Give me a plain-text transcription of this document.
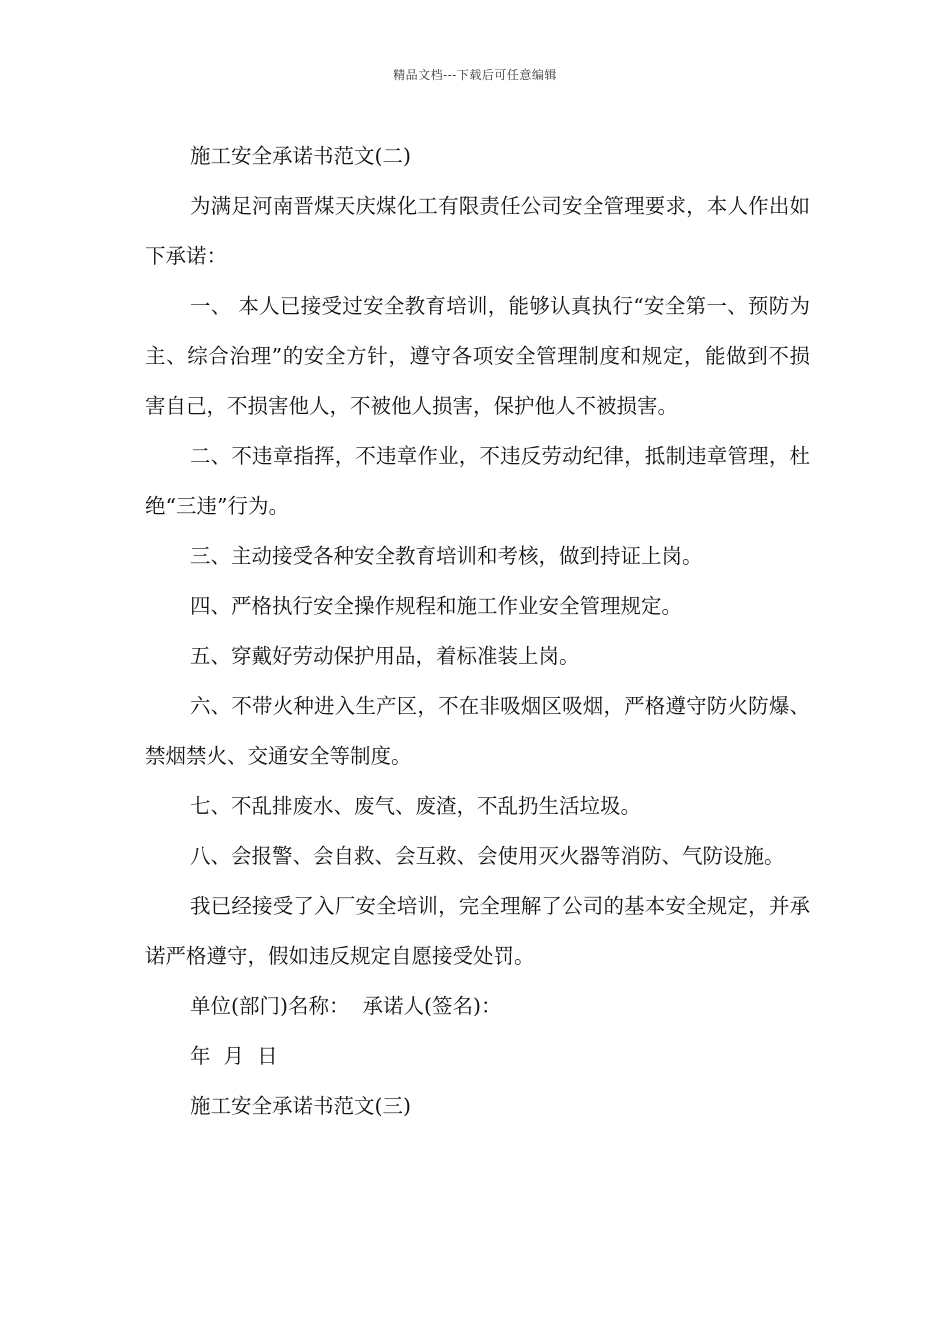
精品文档---下载后可任意编辑

施工安全承诺书范文(二)

为满足河南晋煤天庆煤化工有限责任公司安全管理要求，本人作出如下承诺：

一、 本人已接受过安全教育培训，能够认真执行“安全第一、预防为主、综合治理”的安全方针，遵守各项安全管理制度和规定，能做到不损害自己，不损害他人，不被他人损害，保护他人不被损害。

二、不违章指挥，不违章作业，不违反劳动纪律，抵制违章管理，杜绝“三违”行为。

三、主动接受各种安全教育培训和考核，做到持证上岗。

四、严格执行安全操作规程和施工作业安全管理规定。

五、穿戴好劳动保护用品，着标准装上岗。

六、不带火种进入生产区，不在非吸烟区吸烟，严格遵守防火防爆、禁烟禁火、交通安全等制度。

七、不乱排废水、废气、废渣，不乱扔生活垃圾。

八、会报警、会自救、会互救、会使用灭火器等消防、气防设施。

我已经接受了入厂安全培训，完全理解了公司的基本安全规定，并承诺严格遵守，假如违反规定自愿接受处罚。

单位(部门)名称：  承诺人(签名)：

年  月  日

施工安全承诺书范文(三)
